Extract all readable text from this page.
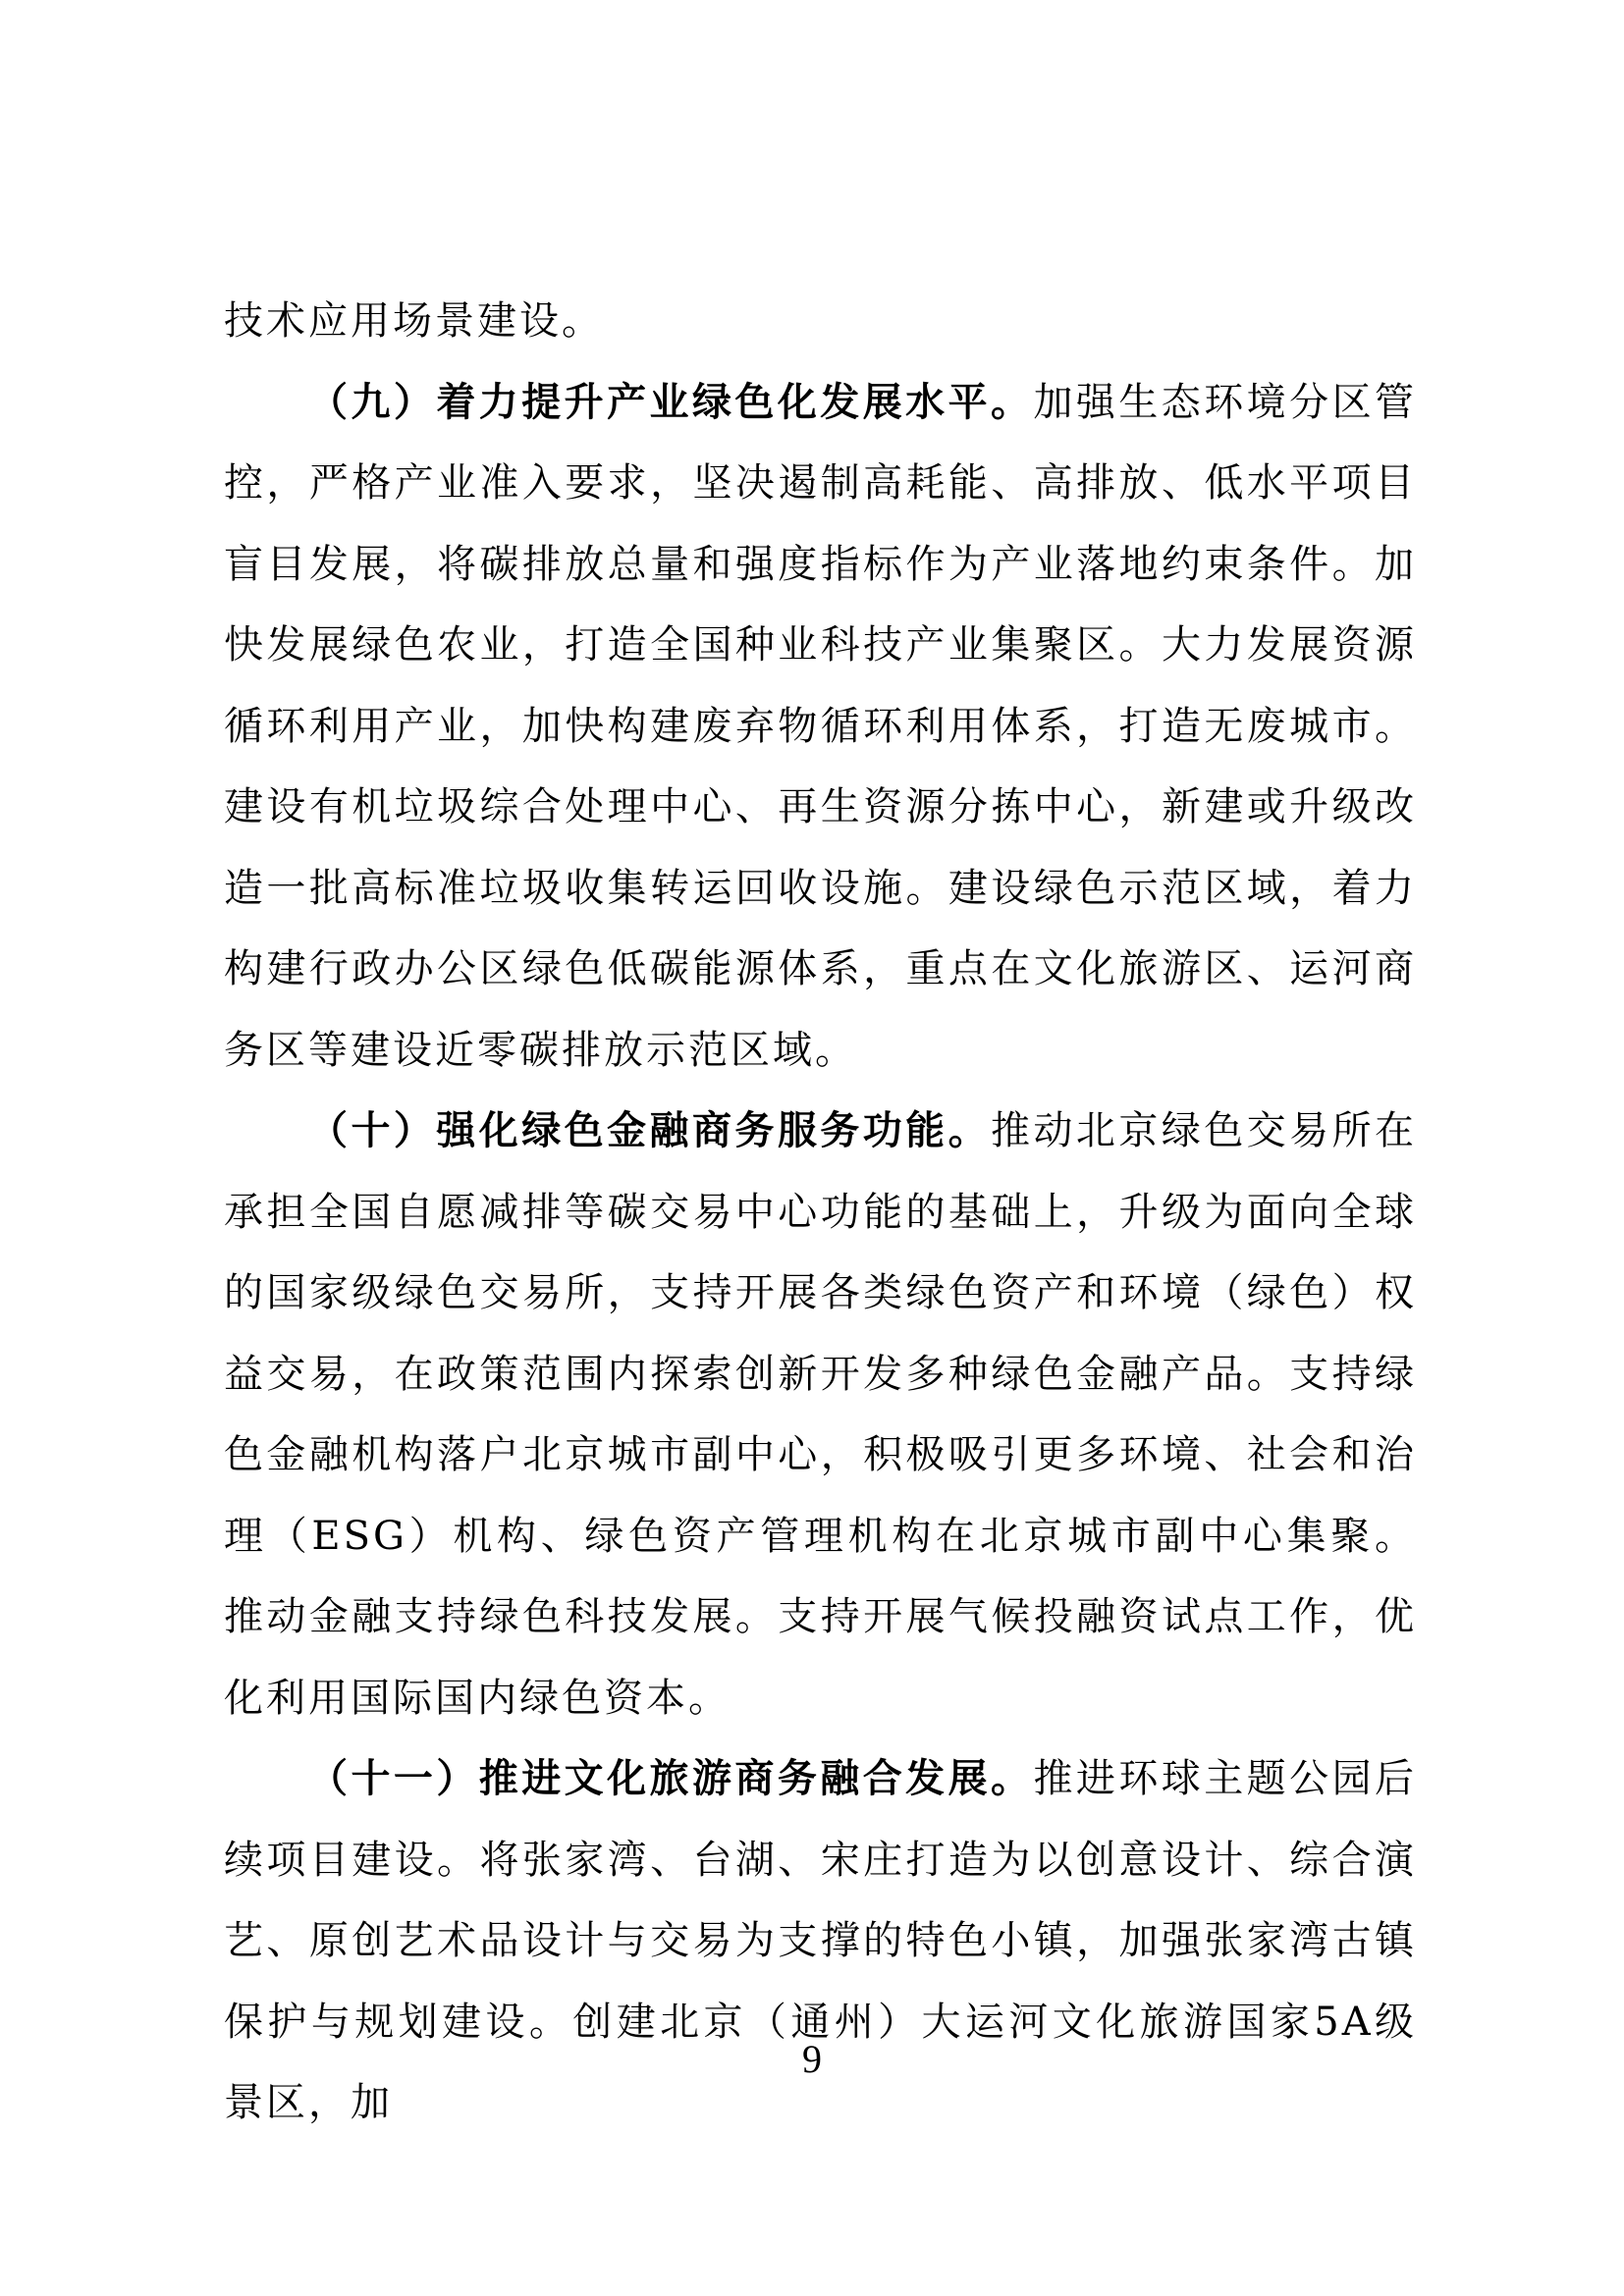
技术应用场景建设。

（九）着力提升产业绿色化发展水平。加强生态环境分区管控，严格产业准入要求，坚决遏制高耗能、高排放、低水平项目盲目发展，将碳排放总量和强度指标作为产业落地约束条件。加快发展绿色农业，打造全国种业科技产业集聚区。大力发展资源循环利用产业，加快构建废弃物循环利用体系，打造无废城市。建设有机垃圾综合处理中心、再生资源分拣中心，新建或升级改造一批高标准垃圾收集转运回收设施。建设绿色示范区域，着力构建行政办公区绿色低碳能源体系，重点在文化旅游区、运河商务区等建设近零碳排放示范区域。

（十）强化绿色金融商务服务功能。推动北京绿色交易所在承担全国自愿减排等碳交易中心功能的基础上，升级为面向全球的国家级绿色交易所，支持开展各类绿色资产和环境（绿色）权益交易，在政策范围内探索创新开发多种绿色金融产品。支持绿色金融机构落户北京城市副中心，积极吸引更多环境、社会和治理（ESG）机构、绿色资产管理机构在北京城市副中心集聚。推动金融支持绿色科技发展。支持开展气候投融资试点工作，优化利用国际国内绿色资本。

（十一）推进文化旅游商务融合发展。推进环球主题公园后续项目建设。将张家湾、台湖、宋庄打造为以创意设计、综合演艺、原创艺术品设计与交易为支撑的特色小镇，加强张家湾古镇保护与规划建设。创建北京（通州）大运河文化旅游国家5A级景区，加

9
